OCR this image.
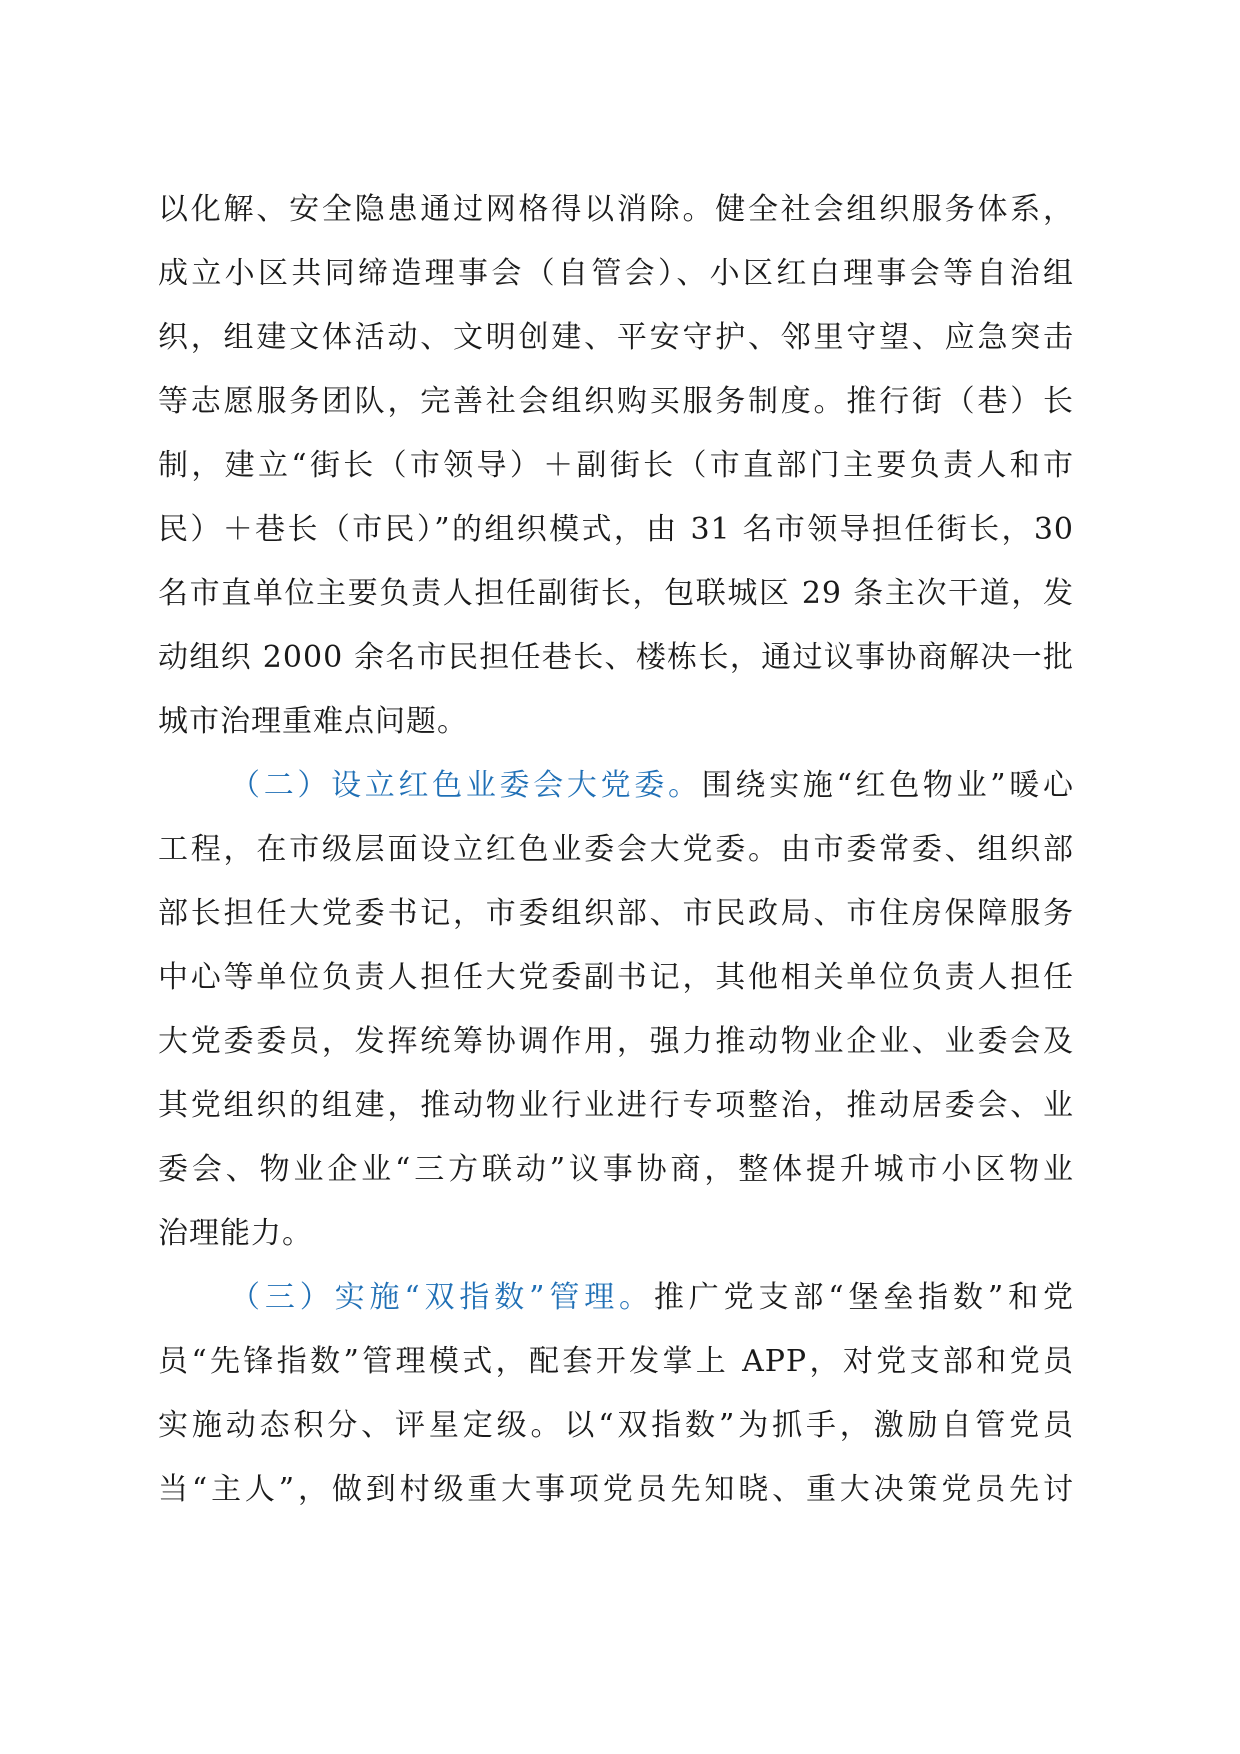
以化解、安全隐患通过网格得以消除。健全社会组织服务体系，
成立小区共同缔造理事会（自管会）、小区红白理事会等自治组
织，组建文体活动、文明创建、平安守护、邻里守望、应急突击
等志愿服务团队，完善社会组织购买服务制度。推行街（巷）长
制，建立“街长（市领导）＋副街长（市直部门主要负责人和市
民）＋巷长（市民）”的组织模式，由 31 名市领导担任街长，30
名市直单位主要负责人担任副街长，包联城区 29 条主次干道，发
动组织 2000 余名市民担任巷长、楼栋长，通过议事协商解决一批
城市治理重难点问题。
（二）设立红色业委会大党委。围绕实施“红色物业”暖心
工程，在市级层面设立红色业委会大党委。由市委常委、组织部
部长担任大党委书记，市委组织部、市民政局、市住房保障服务
中心等单位负责人担任大党委副书记，其他相关单位负责人担任
大党委委员，发挥统筹协调作用，强力推动物业企业、业委会及
其党组织的组建，推动物业行业进行专项整治，推动居委会、业
委会、物业企业“三方联动”议事协商，整体提升城市小区物业
治理能力。
（三）实施“双指数”管理。推广党支部“堡垒指数”和党
员“先锋指数”管理模式，配套开发掌上 APP，对党支部和党员
实施动态积分、评星定级。以“双指数”为抓手，激励自管党员
当“主人”，做到村级重大事项党员先知晓、重大决策党员先讨
